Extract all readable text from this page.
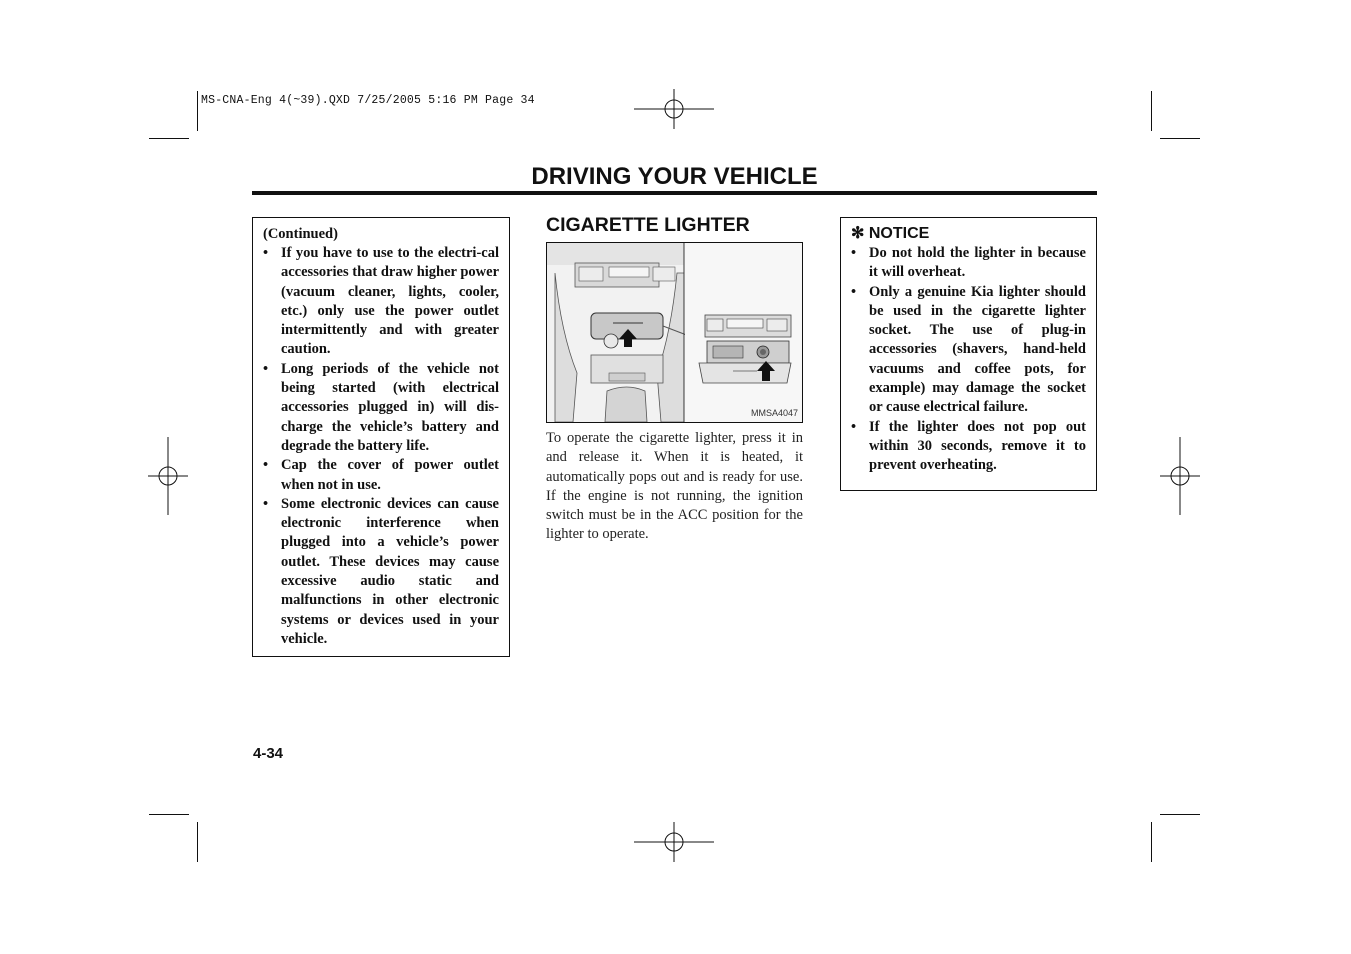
MS-CNA-Eng 4(~39).QXD 7/25/2005 5:16 PM Page 34
DRIVING YOUR VEHICLE
(Continued)
• If you have to use to the electri-cal accessories that draw higher power (vacuum cleaner, lights, cooler, etc.) only use the power outlet intermittently and with greater caution.
• Long periods of the vehicle not being started (with electrical accessories plugged in) will dis-charge the vehicle’s battery and degrade the battery life.
• Cap the cover of power outlet when not in use.
• Some electronic devices can cause electronic interference when plugged into a vehicle’s power outlet. These devices may cause excessive audio static and malfunctions in other electronic systems or devices used in your vehicle.
CIGARETTE LIGHTER
MMSA4047
To operate the cigarette lighter, press it in and release it. When it is heated, it automatically pops out and is ready for use. If the engine is not running, the ignition switch must be in the ACC position for the lighter to operate.
✻ NOTICE
• Do not hold the lighter in because it will overheat.
• Only a genuine Kia lighter should be used in the cigarette lighter socket. The use of plug-in accessories (shavers, hand-held vacuums and coffee pots, for example) may damage the socket or cause electrical failure.
• If the lighter does not pop out within 30 seconds, remove it to prevent overheating.
4-34
